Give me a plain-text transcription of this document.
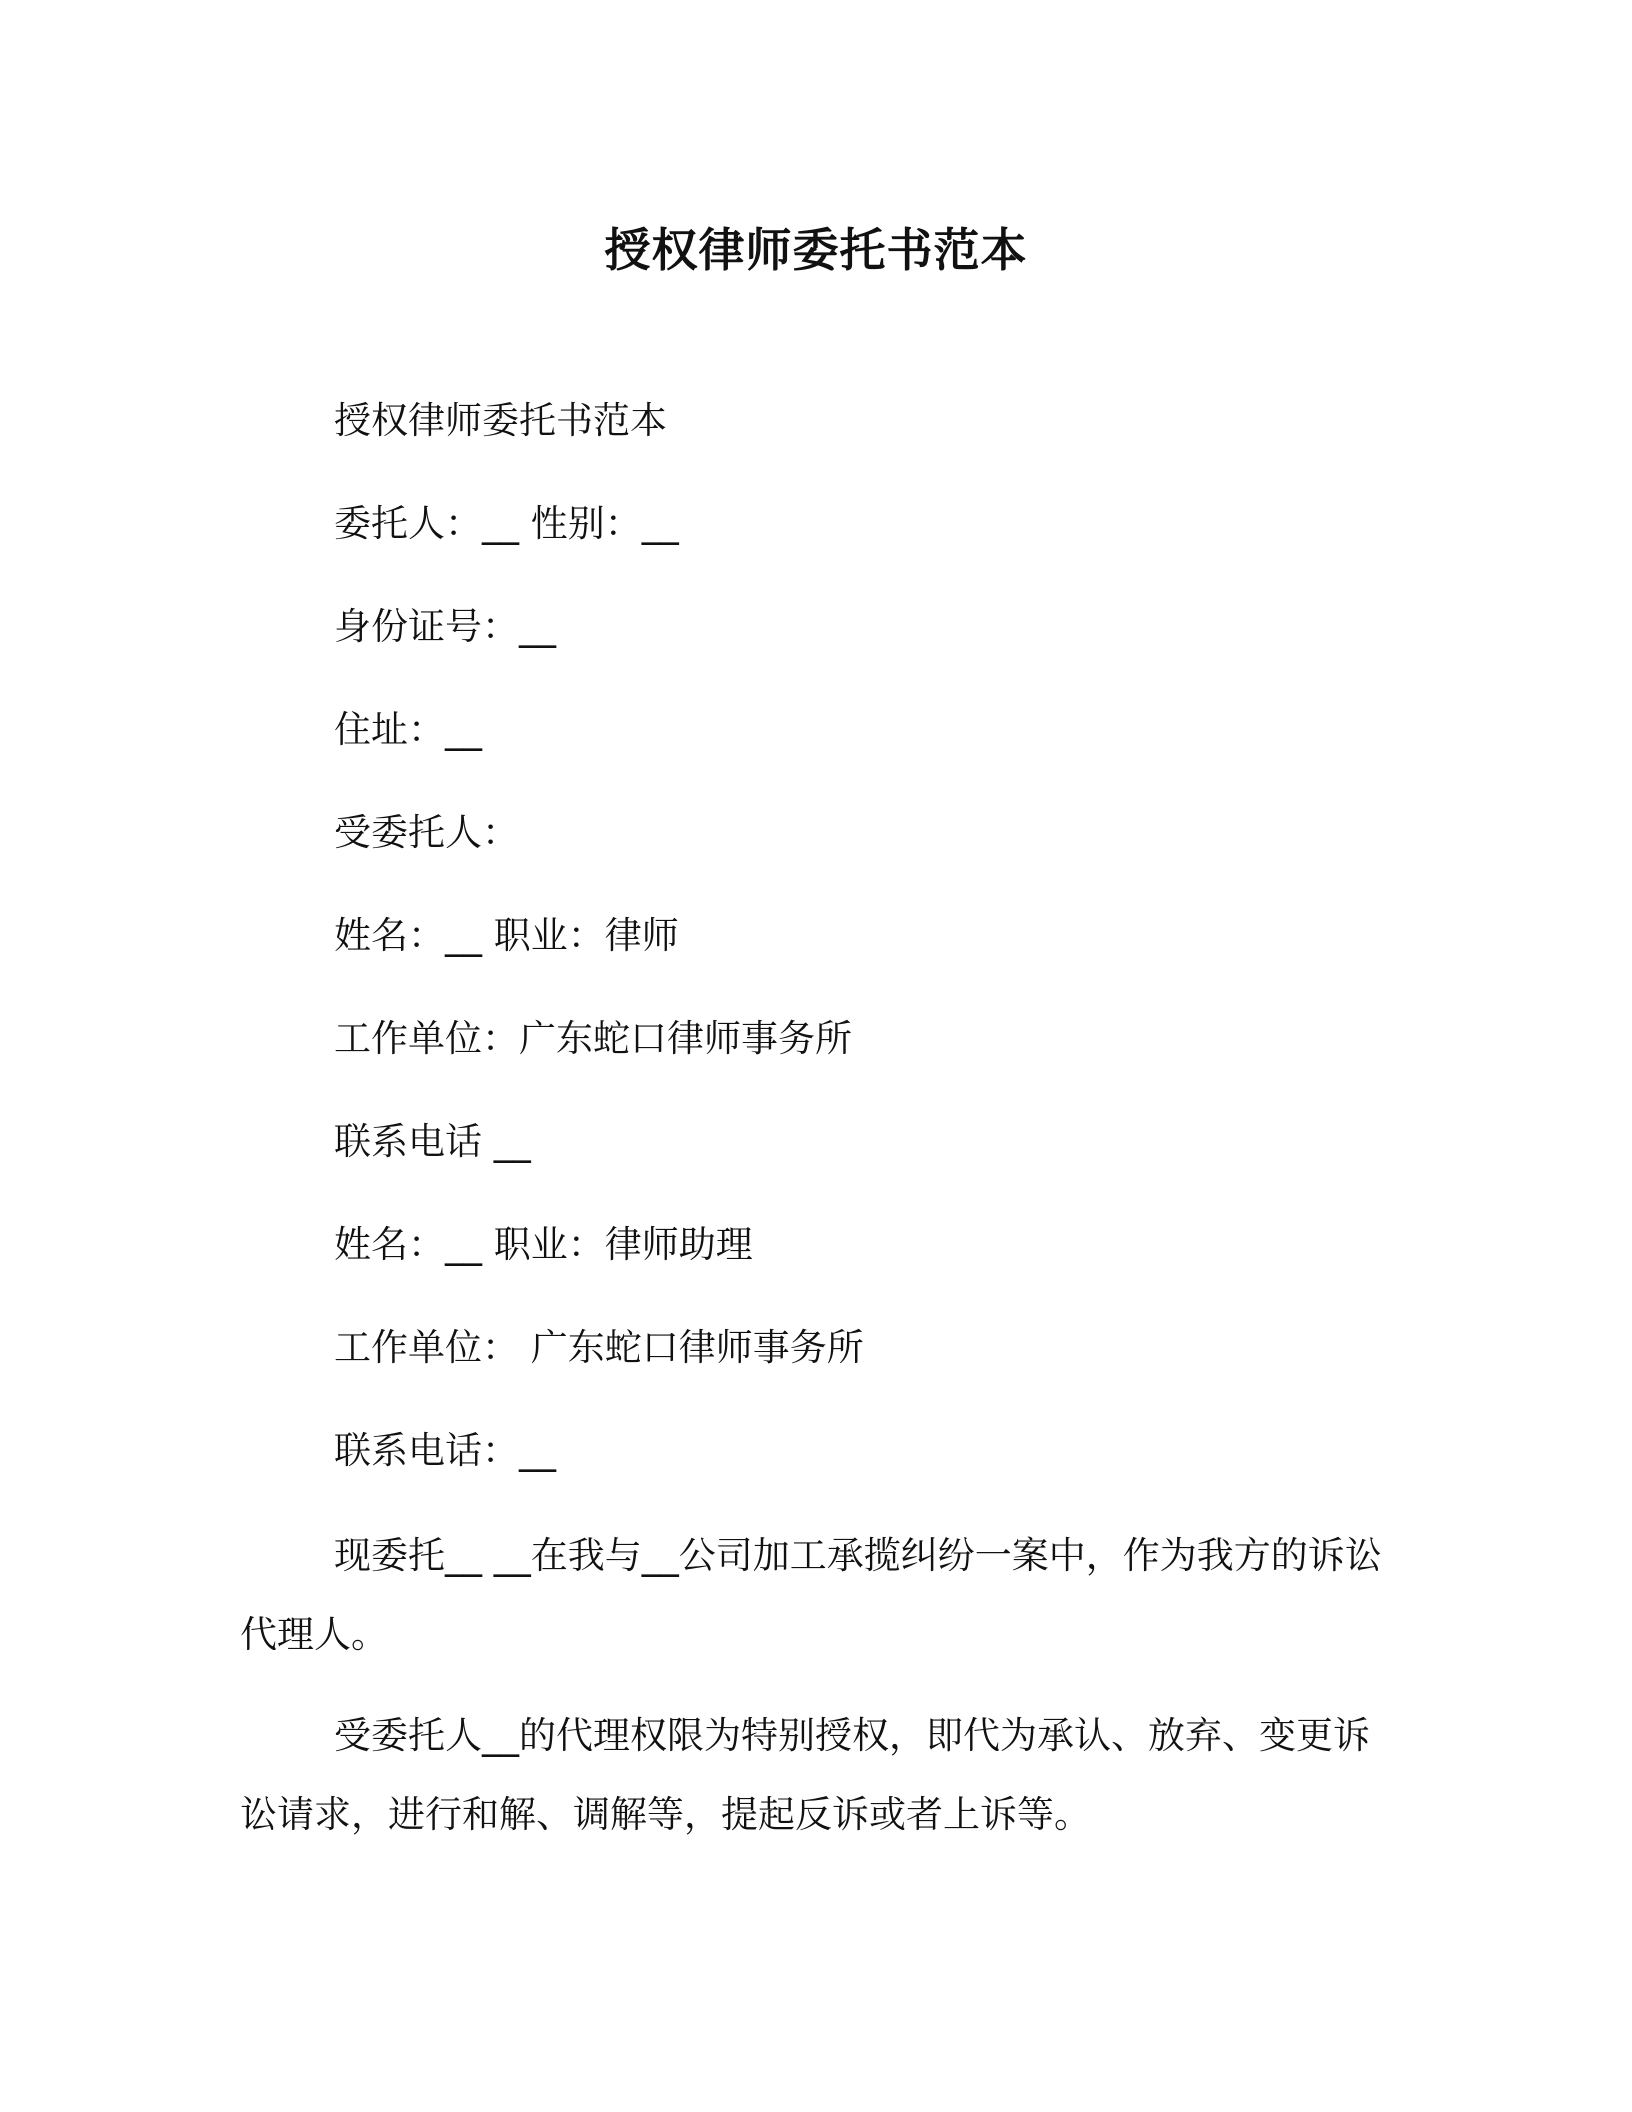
授权律师委托书范本
授权律师委托书范本
委托人：__ 性别：__
身份证号：__
住址：__
受委托人：
姓名：__ 职业：律师
工作单位：广东蛇口律师事务所
联系电话 __
姓名：__ 职业：律师助理
工作单位： 广东蛇口律师事务所
联系电话：__
现委托__ __在我与__公司加工承揽纠纷一案中，作为我方的诉讼代理人。
受委托人__的代理权限为特别授权，即代为承认、放弃、变更诉讼请求，进行和解、调解等，提起反诉或者上诉等。
